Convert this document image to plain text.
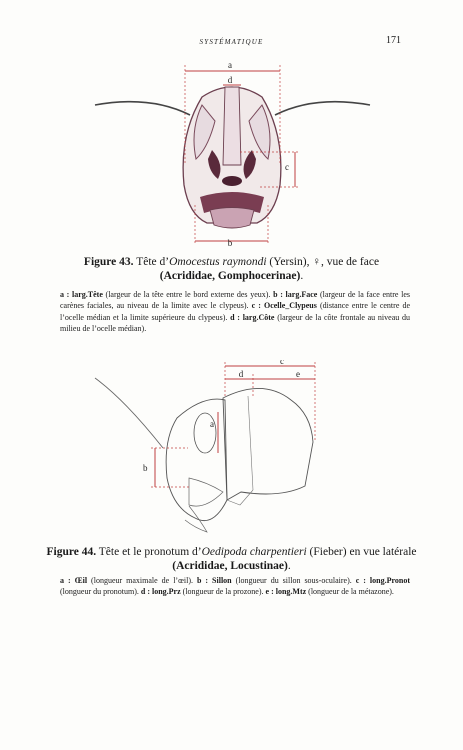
SYSTÉMATIQUE	171
a
d
c
b
Figure 43. Tête d’Omocestus raymondi (Yersin), ♀, vue de face
(Acrididae, Gomphocerinae).
a : larg.Tête (largeur de la tête entre le bord externe des yeux). b : larg.Face (largeur de la face entre les carènes faciales, au niveau de la limite avec le clypeus). c : Ocelle_Clypeus (distance entre le centre de l’ocelle médian et la limite supérieure du clypeus). d : larg.Côte (largeur de la côte frontale au niveau du milieu de l’ocelle médian).
c
d	e
a
b
Figure 44. Tête et le pronotum d’Oedipoda charpentieri (Fieber) en vue latérale
(Acrididae, Locustinae).
a : Œil (longueur maximale de l’œil). b : Sillon (longueur du sillon sous-oculaire). c : long.Pronot (longueur du pronotum). d : long.Prz (longueur de la prozone). e : long.Mtz (longueur de la métazone).
